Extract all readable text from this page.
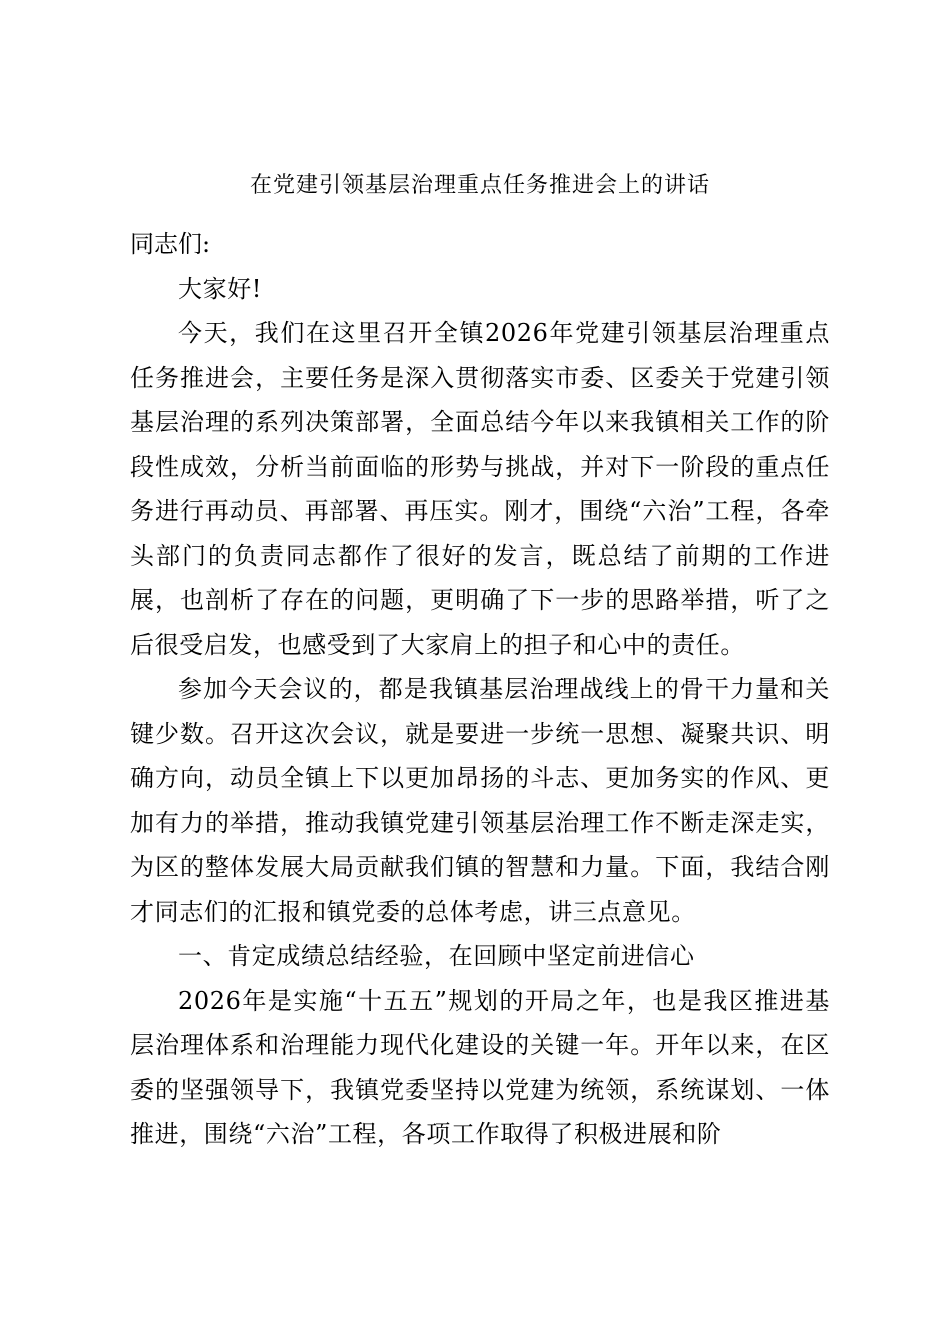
在党建引领基层治理重点任务推进会上的讲话

同志们:

大家好!

今天，我们在这里召开全镇2026年党建引领基层治理重点任务推进会，主要任务是深入贯彻落实市委、区委关于党建引领基层治理的系列决策部署，全面总结今年以来我镇相关工作的阶段性成效，分析当前面临的形势与挑战，并对下一阶段的重点任务进行再动员、再部署、再压实。刚才，围绕“六治”工程，各牵头部门的负责同志都作了很好的发言，既总结了前期的工作进展，也剖析了存在的问题，更明确了下一步的思路举措，听了之后很受启发，也感受到了大家肩上的担子和心中的责任。

参加今天会议的，都是我镇基层治理战线上的骨干力量和关键少数。召开这次会议，就是要进一步统一思想、凝聚共识、明确方向，动员全镇上下以更加昂扬的斗志、更加务实的作风、更加有力的举措，推动我镇党建引领基层治理工作不断走深走实，为区的整体发展大局贡献我们镇的智慧和力量。下面，我结合刚才同志们的汇报和镇党委的总体考虑，讲三点意见。

一、肯定成绩总结经验，在回顾中坚定前进信心

2026年是实施“十五五”规划的开局之年，也是我区推进基层治理体系和治理能力现代化建设的关键一年。开年以来，在区委的坚强领导下，我镇党委坚持以党建为统领，系统谋划、一体推进，围绕“六治”工程，各项工作取得了积极进展和阶
